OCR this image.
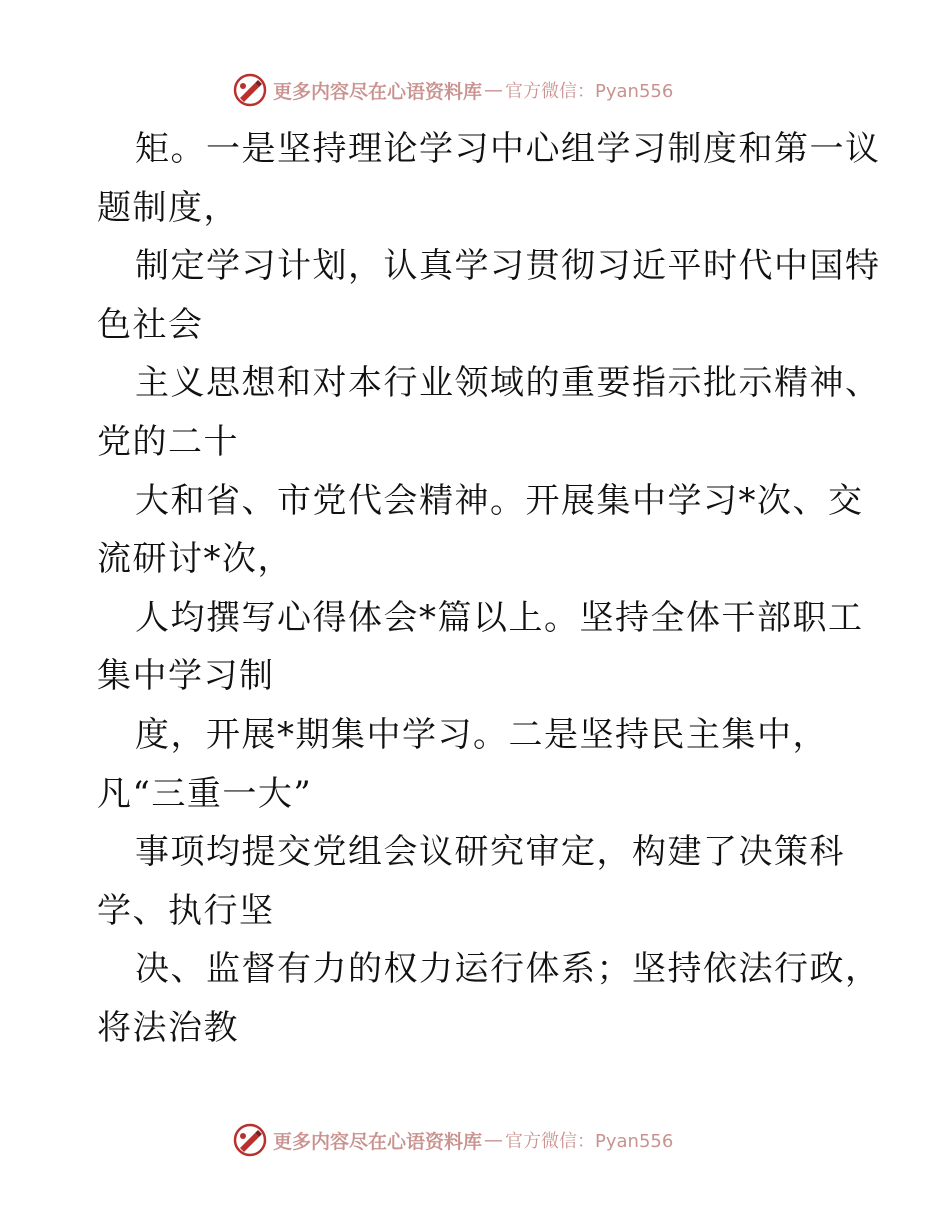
更多内容尽在心语资料库 — 官方微信：Pyan556
矩。一是坚持理论学习中心组学习制度和第一议
题制度，
制定学习计划，认真学习贯彻习近平时代中国特
色社会
主义思想和对本行业领域的重要指示批示精神、
党的二十
大和省、市党代会精神。开展集中学习*次、交
流研讨*次，
人均撰写心得体会*篇以上。坚持全体干部职工
集中学习制
度，开展*期集中学习。二是坚持民主集中，
凡“三重一大”
事项均提交党组会议研究审定，构建了决策科
学、执行坚
决、监督有力的权力运行体系；坚持依法行政，
将法治教
更多内容尽在心语资料库 — 官方微信：Pyan556
